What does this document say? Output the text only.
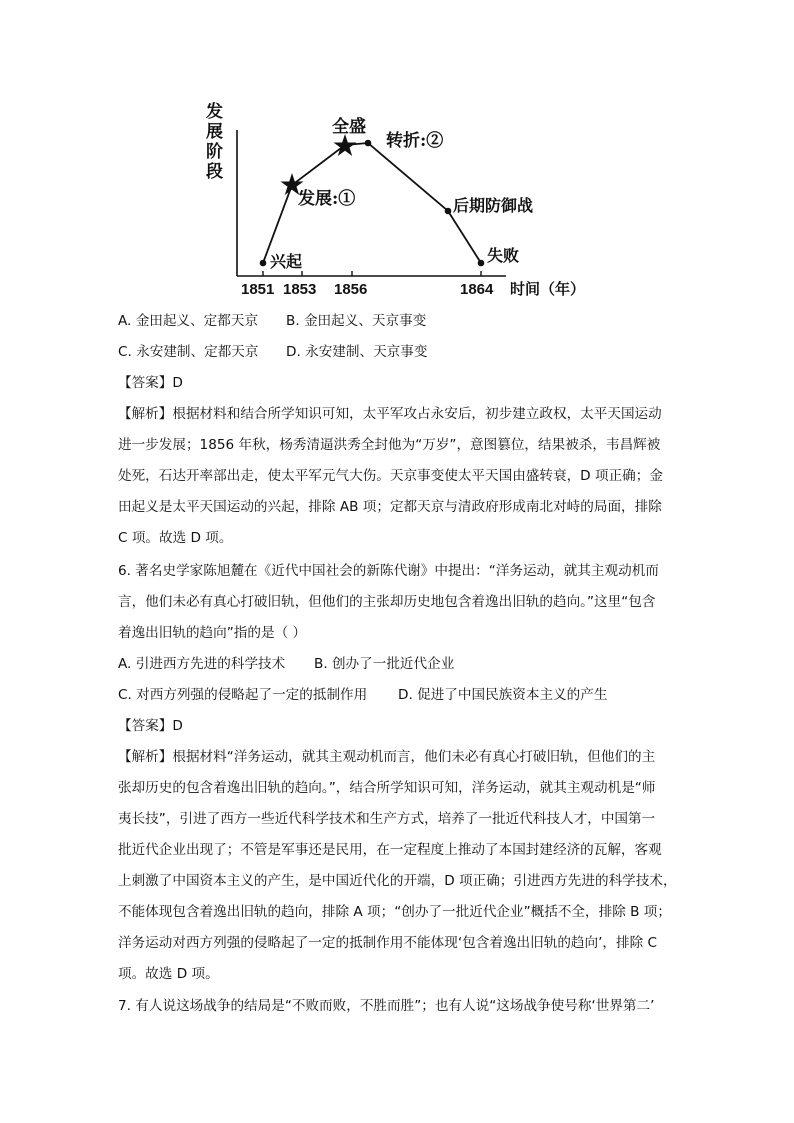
发
展
阶
段
1851 1853 1856	1864 时间（年）
兴起
发展:①
全盛
转折:②
后期防御战
失败
A. 金田起义、定都天京 B. 金田起义、天京事变
C. 永安建制、定都天京 D. 永安建制、天京事变
【答案】D
【解析】根据材料和结合所学知识可知，太平军攻占永安后，初步建立政权，太平天国运动
进一步发展；1856 年秋，杨秀清逼洪秀全封他为“万岁”，意图篡位，结果被杀，韦昌辉被
处死，石达开率部出走，使太平军元气大伤。天京事变使太平天国由盛转衰，D 项正确；金
田起义是太平天国运动的兴起，排除 AB 项；定都天京与清政府形成南北对峙的局面，排除
C 项。故选 D 项。
6. 著名史学家陈旭麓在《近代中国社会的新陈代谢》中提出：“洋务运动，就其主观动机而
言，他们未必有真心打破旧轨，但他们的主张却历史地包含着逸出旧轨的趋向。”这里“包含
着逸出旧轨的趋向”指的是（ ）
A. 引进西方先进的科学技术 B. 创办了一批近代企业
C. 对西方列强的侵略起了一定的抵制作用 D. 促进了中国民族资本主义的产生
【答案】D
【解析】根据材料“洋务运动，就其主观动机而言，他们未必有真心打破旧轨，但他们的主
张却历史的包含着逸出旧轨的趋向。”，结合所学知识可知，洋务运动，就其主观动机是“师
夷长技”，引进了西方一些近代科学技术和生产方式，培养了一批近代科技人才，中国第一
批近代企业出现了；不管是军事还是民用，在一定程度上推动了本国封建经济的瓦解，客观
上刺激了中国资本主义的产生，是中国近代化的开端，D 项正确；引进西方先进的科学技术，
不能体现包含着逸出旧轨的趋向，排除 A 项；“创办了一批近代企业”概括不全，排除 B 项；
洋务运动对西方列强的侵略起了一定的抵制作用不能体现‘包含着逸出旧轨的趋向’，排除 C
项。故选 D 项。
7. 有人说这场战争的结局是“不败而败，不胜而胜”；也有人说“这场战争使号称‘世界第二’
